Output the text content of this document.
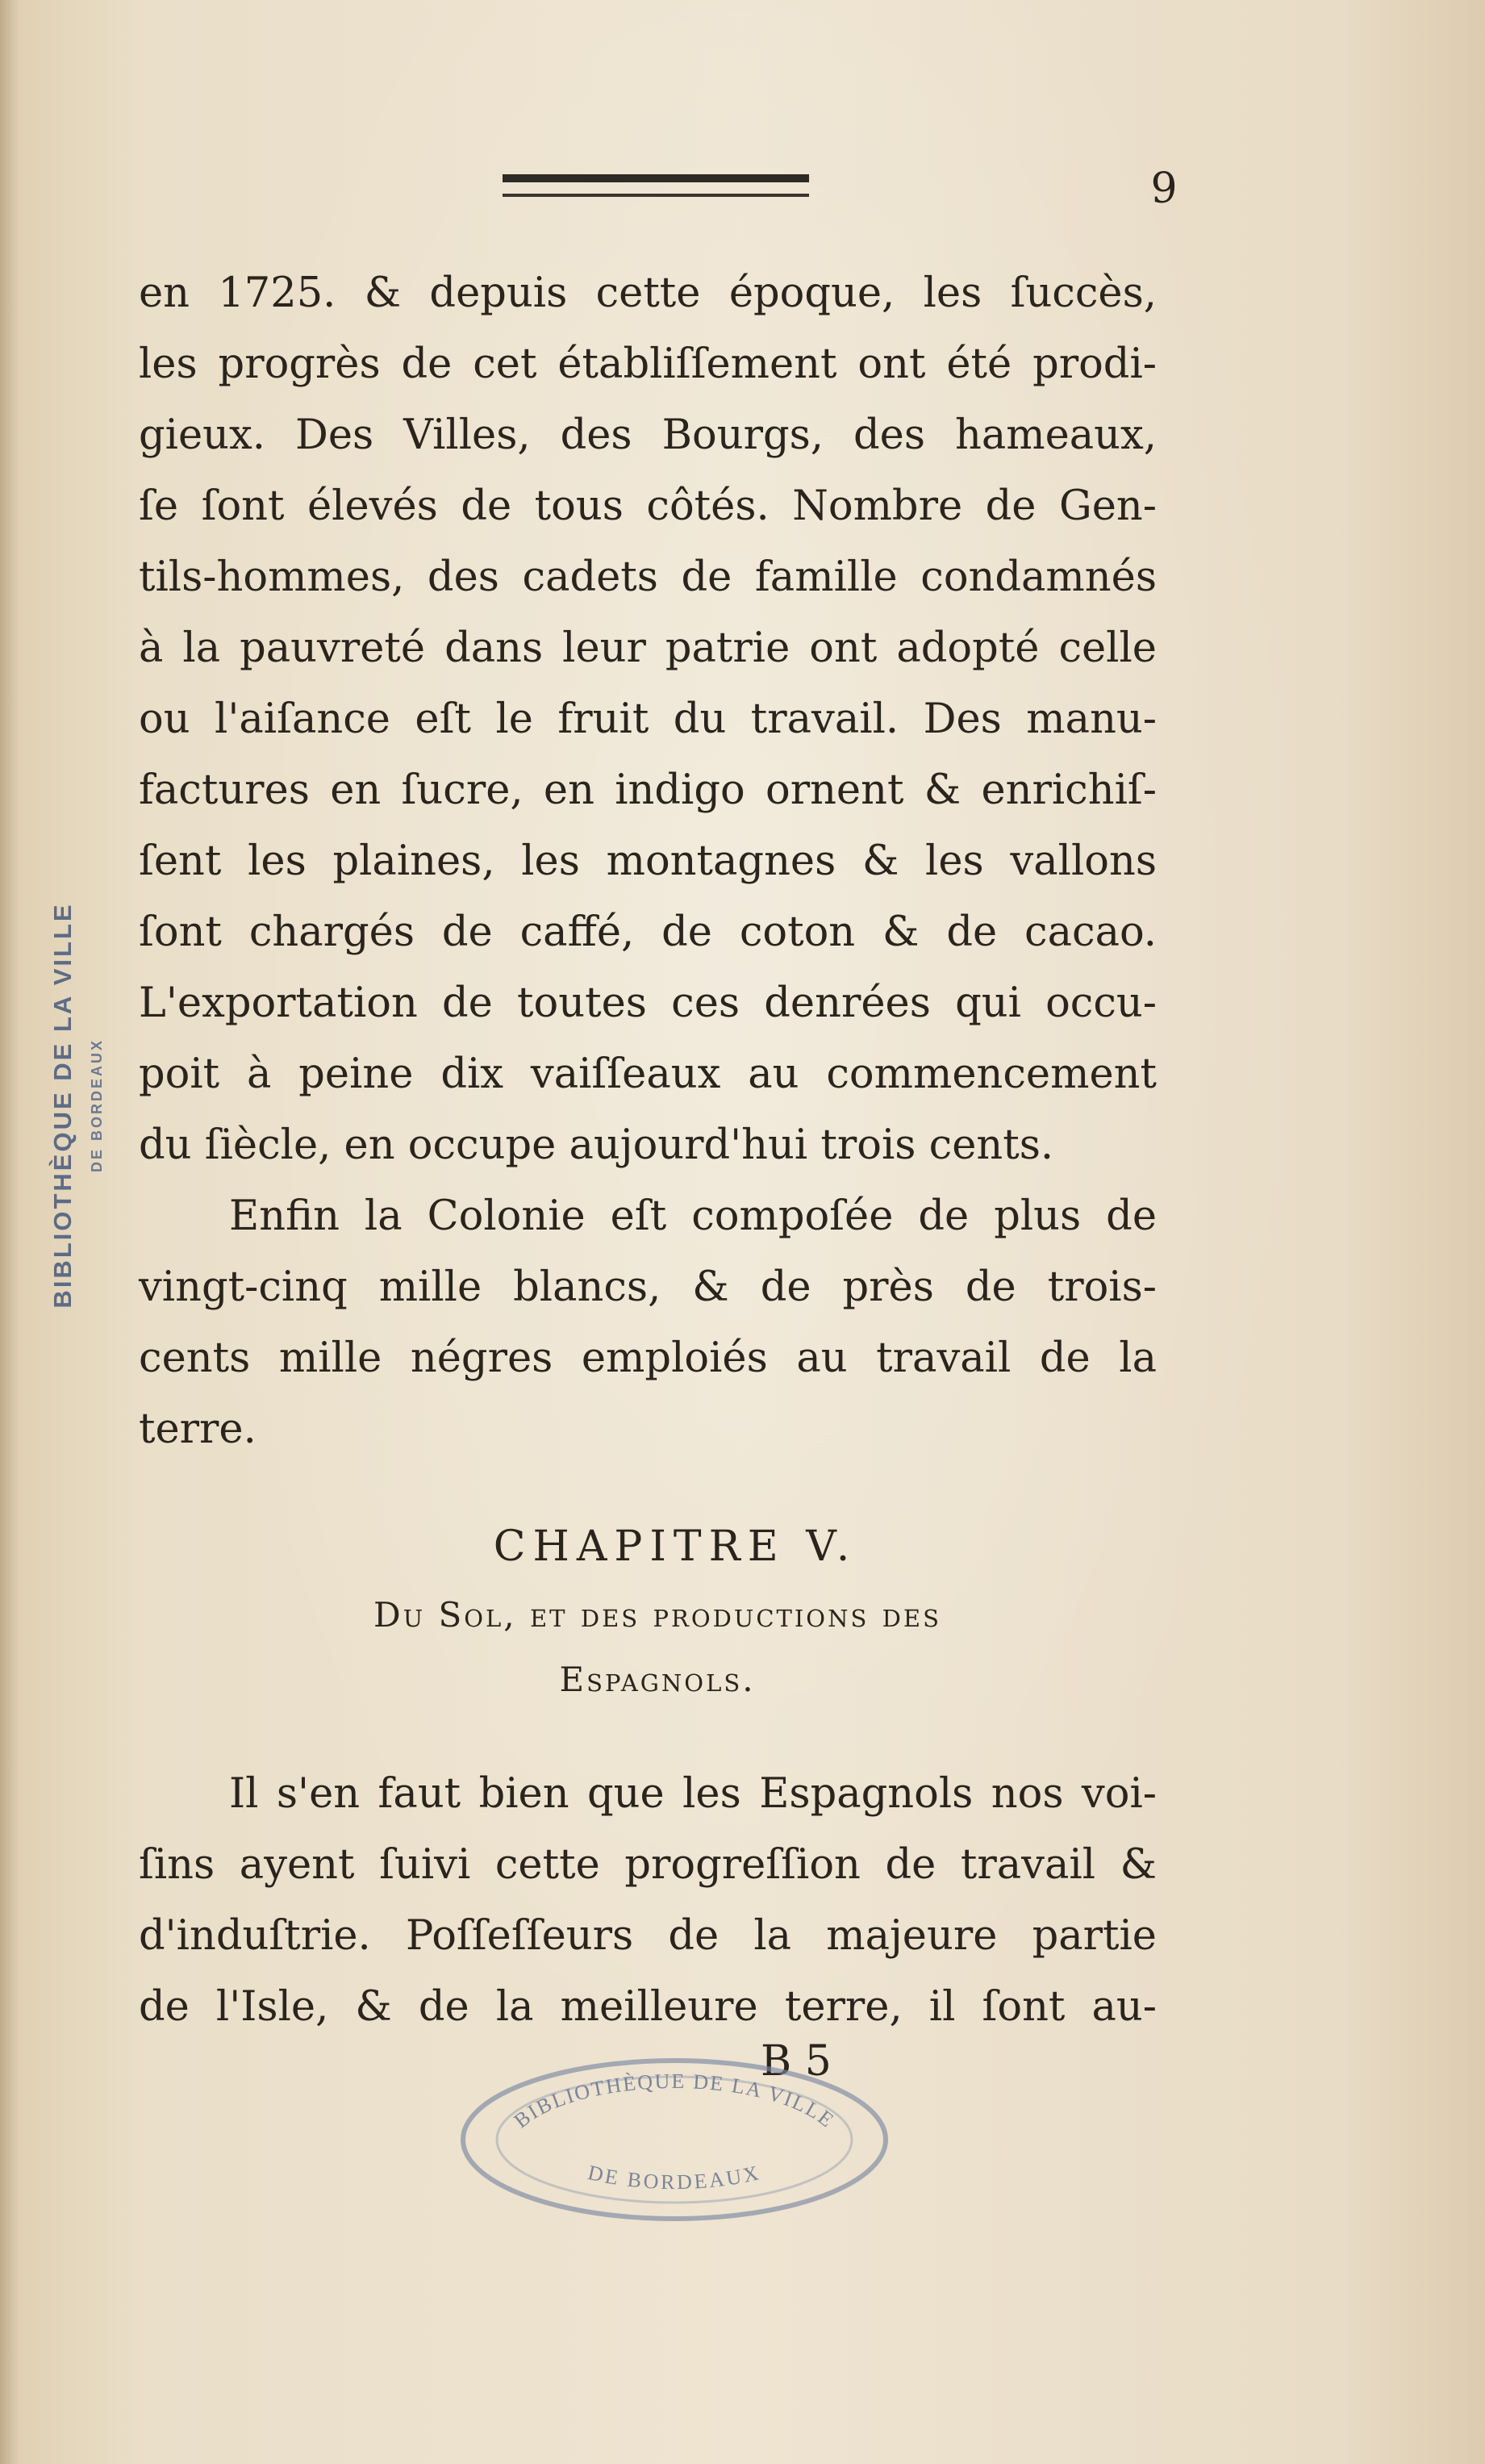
9
en 1725. & depuis cette époque, les ſuccès,
les progrès de cet établiſſement ont été prodi-
gieux. Des Villes, des Bourgs, des hameaux,
ſe ſont élevés de tous côtés. Nombre de Gen-
tils-hommes, des cadets de famille condamnés
à la pauvreté dans leur patrie ont adopté celle
ou l'aiſance eſt le fruit du travail. Des manu-
factures en ſucre, en indigo ornent & enrichiſ-
ſent les plaines, les montagnes & les vallons
ſont chargés de caffé, de coton & de cacao.
L'exportation de toutes ces denrées qui occu-
poit à peine dix vaiſſeaux au commencement
du ſiècle, en occupe aujourd'hui trois cents.
Enfin la Colonie eſt compoſée de plus de
vingt-cinq mille blancs, & de près de trois-
cents mille négres emploiés au travail de la
terre.
CHAPITRE V.
Du Sol, et des productions des
Espagnols.
Il s'en faut bien que les Espagnols nos voi-
ſins ayent ſuivi cette progreſſion de travail &
d'induſtrie. Poſſeſſeurs de la majeure partie
de l'Isle, & de la meilleure terre, il ſont au-
B 5
BIBLIOTHÈQUE DE LA VILLE DE BORDEAUX
BIBLIOTHÈQUE DE LA VILLE
DE BORDEAUX
